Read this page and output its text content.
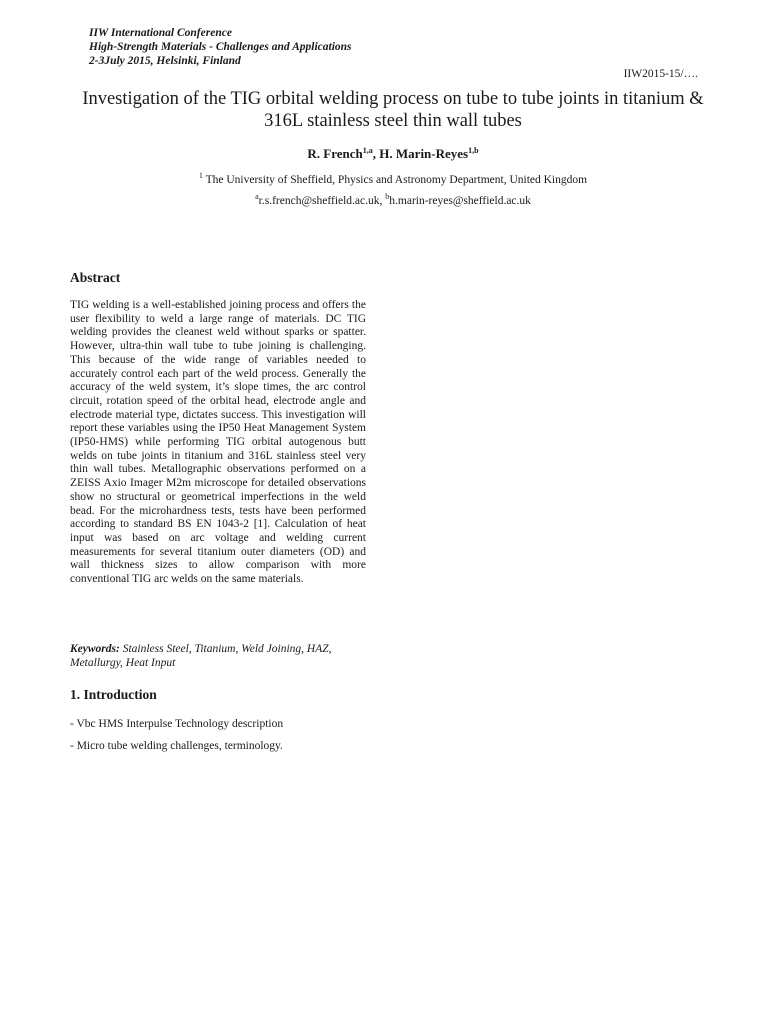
IIW International Conference
High-Strength Materials - Challenges and Applications
2-3July 2015, Helsinki, Finland
IIW2015-15/….
Investigation of the TIG orbital welding process on tube to tube joints in titanium & 316L stainless steel thin wall tubes
R. French$^{1,a}$, H. Marin-Reyes$^{1,b}$
$^1$ The University of Sheffield, Physics and Astronomy Department, United Kingdom
$^a$r.s.french@sheffield.ac.uk, $^b$h.marin-reyes@sheffield.ac.uk
Abstract
TIG welding is a well-established joining process and offers the user flexibility to weld a large range of materials. DC TIG welding provides the cleanest weld without sparks or spatter. However, ultra-thin wall tube to tube joining is challenging. This because of the wide range of variables needed to accurately control each part of the weld process. Generally the accuracy of the weld system, it’s slope times, the arc control circuit, rotation speed of the orbital head, electrode angle and electrode material type, dictates success. This investigation will report these variables using the IP50 Heat Management System (IP50-HMS) while performing TIG orbital autogenous butt welds on tube joints in titanium and 316L stainless steel very thin wall tubes. Metallographic observations performed on a ZEISS Axio Imager M2m microscope for detailed observations show no structural or geometrical imperfections in the weld bead. For the microhardness tests, tests have been performed according to standard BS EN 1043-2 [1]. Calculation of heat input was based on arc voltage and welding current measurements for several titanium outer diameters (OD) and wall thickness sizes to allow comparison with more conventional TIG arc welds on the same materials.
Keywords: Stainless Steel, Titanium, Weld Joining, HAZ, Metallurgy, Heat Input
1. Introduction
- Vbc HMS Interpulse Technology description
- Micro tube welding challenges, terminology.
